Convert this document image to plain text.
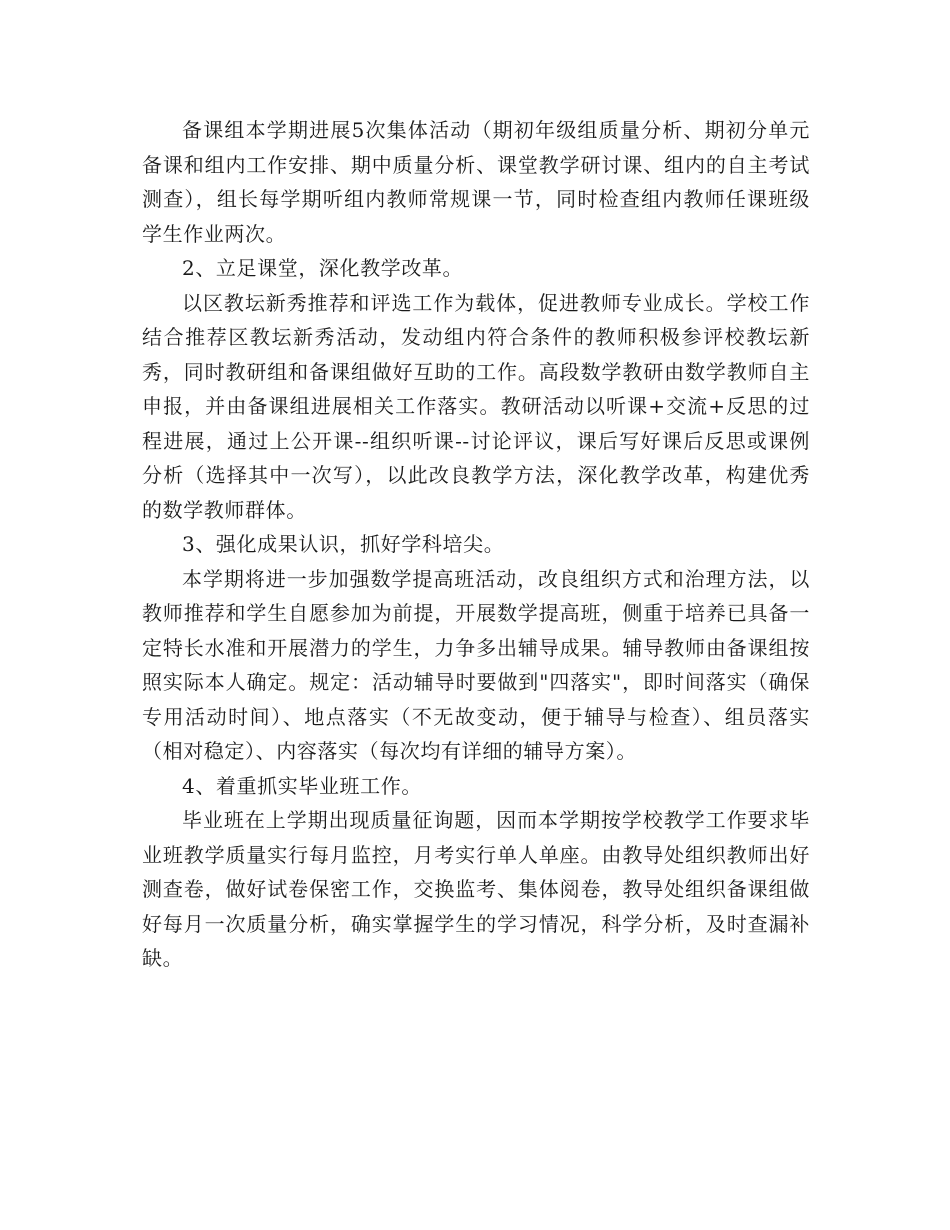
备课组本学期进展5次集体活动（期初年级组质量分析、期初分单元备课和组内工作安排、期中质量分析、课堂教学研讨课、组内的自主考试测查），组长每学期听组内教师常规课一节，同时检查组内教师任课班级学生作业两次。

2、立足课堂，深化教学改革。

以区教坛新秀推荐和评选工作为载体，促进教师专业成长。学校工作结合推荐区教坛新秀活动，发动组内符合条件的教师积极参评校教坛新秀，同时教研组和备课组做好互助的工作。高段数学教研由数学教师自主申报，并由备课组进展相关工作落实。教研活动以听课+交流+反思的过程进展，通过上公开课--组织听课--讨论评议，课后写好课后反思或课例分析（选择其中一次写），以此改良教学方法，深化教学改革，构建优秀的数学教师群体。

3、强化成果认识，抓好学科培尖。

本学期将进一步加强数学提高班活动，改良组织方式和治理方法，以教师推荐和学生自愿参加为前提，开展数学提高班，侧重于培养已具备一定特长水准和开展潜力的学生，力争多出辅导成果。辅导教师由备课组按照实际本人确定。规定：活动辅导时要做到"四落实"，即时间落实（确保专用活动时间）、地点落实（不无故变动，便于辅导与检查）、组员落实（相对稳定）、内容落实（每次均有详细的辅导方案）。

4、着重抓实毕业班工作。

毕业班在上学期出现质量征询题，因而本学期按学校教学工作要求毕业班教学质量实行每月监控，月考实行单人单座。由教导处组织教师出好测查卷，做好试卷保密工作，交换监考、集体阅卷，教导处组织备课组做好每月一次质量分析，确实掌握学生的学习情况，科学分析，及时查漏补缺。
